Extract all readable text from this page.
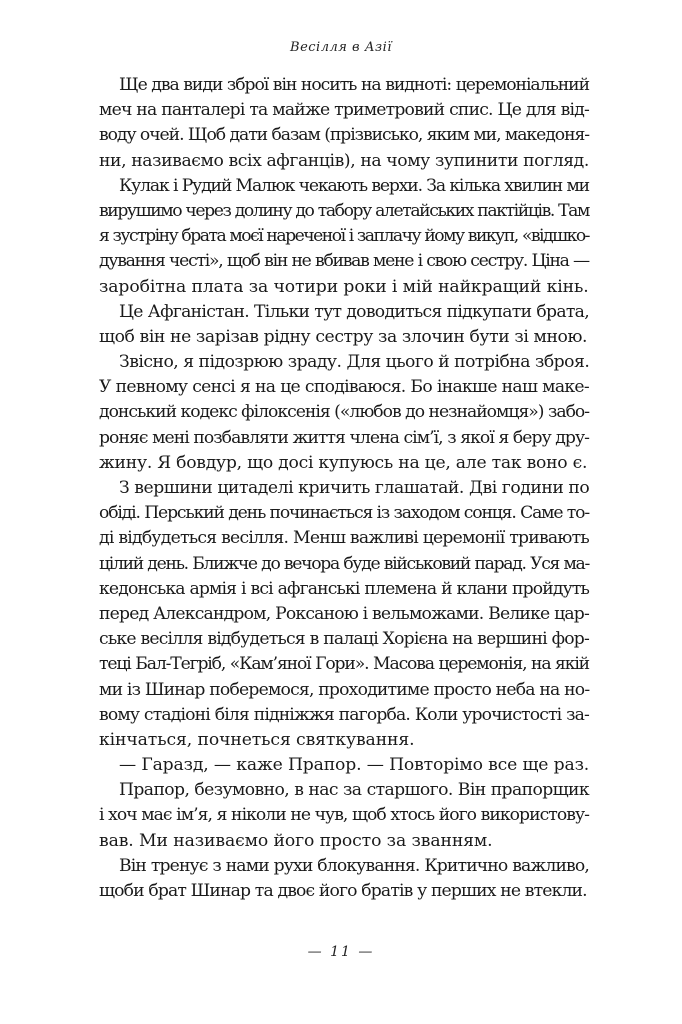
Весілля в Азії
Ще два види зброї він носить на видноті: церемоніальний
меч на панталері та майже триметровий спис. Це для від-
воду очей. Щоб дати базам (прізвисько, яким ми, македоня-
ни, називаємо всіх афганців), на чому зупинити погляд.
Кулак і Рудий Малюк чекають верхи. За кілька хвилин ми
вирушимо через долину до табору алетайських пактійців. Там
я зустріну брата моєї нареченої і заплачу йому викуп, «відшко-
дування честі», щоб він не вбивав мене і свою сестру. Ціна —
заробітна плата за чотири роки і мій найкращий кінь.
Це Афганістан. Тільки тут доводиться підкупати брата,
щоб він не зарізав рідну сестру за злочин бути зі мною.
Звісно, я підозрюю зраду. Для цього й потрібна зброя.
У певному сенсі я на це сподіваюся. Бо інакше наш маке-
донський кодекс філоксенія («любов до незнайомця») забо-
роняє мені позбавляти життя члена сім’ї, з якої я беру дру-
жину. Я бовдур, що досі купуюсь на це, але так воно є.
З вершини цитаделі кричить глашатай. Дві години по
обіді. Перський день починається із заходом сонця. Саме то-
ді відбудеться весілля. Менш важливі церемонії тривають
цілий день. Ближче до вечора буде військовий парад. Уся ма-
кедонська армія і всі афганські племена й клани пройдуть
перед Александром, Роксаною і вельможами. Велике цар-
ське весілля відбудеться в палаці Хорієна на вершині фор-
теці Бал-Тегріб, «Кам’яної Гори». Масова церемонія, на якій
ми із Шинар поберемося, проходитиме просто неба на но-
вому стадіоні біля підніжжя пагорба. Коли урочистості за-
кінчаться, почнеться святкування.
— Гаразд, — каже Прапор. — Повторімо все ще раз.
Прапор, безумовно, в нас за старшого. Він прапорщик
і хоч має ім’я, я ніколи не чув, щоб хтось його використову-
вав. Ми називаємо його просто за званням.
Він тренує з нами рухи блокування. Критично важливо,
щоби брат Шинар та двоє його братів у перших не втекли.
— 11 —
